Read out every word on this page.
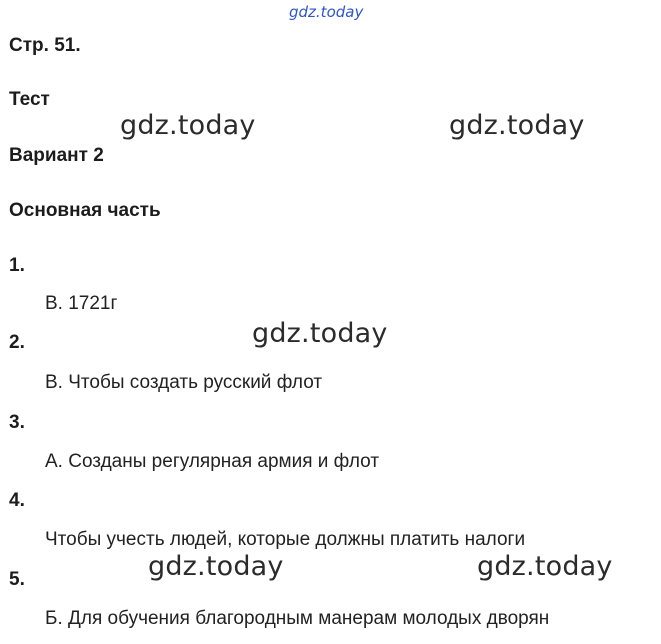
gdz.today
Стр. 51.
Тест
Вариант 2
Основная часть
1.
В. 1721г
2.
В. Чтобы создать русский флот
3.
А. Созданы регулярная армия и флот
4.
Чтобы учесть людей, которые должны платить налоги
5.
Б. Для обучения благородным манерам молодых дворян
gdz.today	gdz.today
gdz.today
gdz.today	gdz.today
